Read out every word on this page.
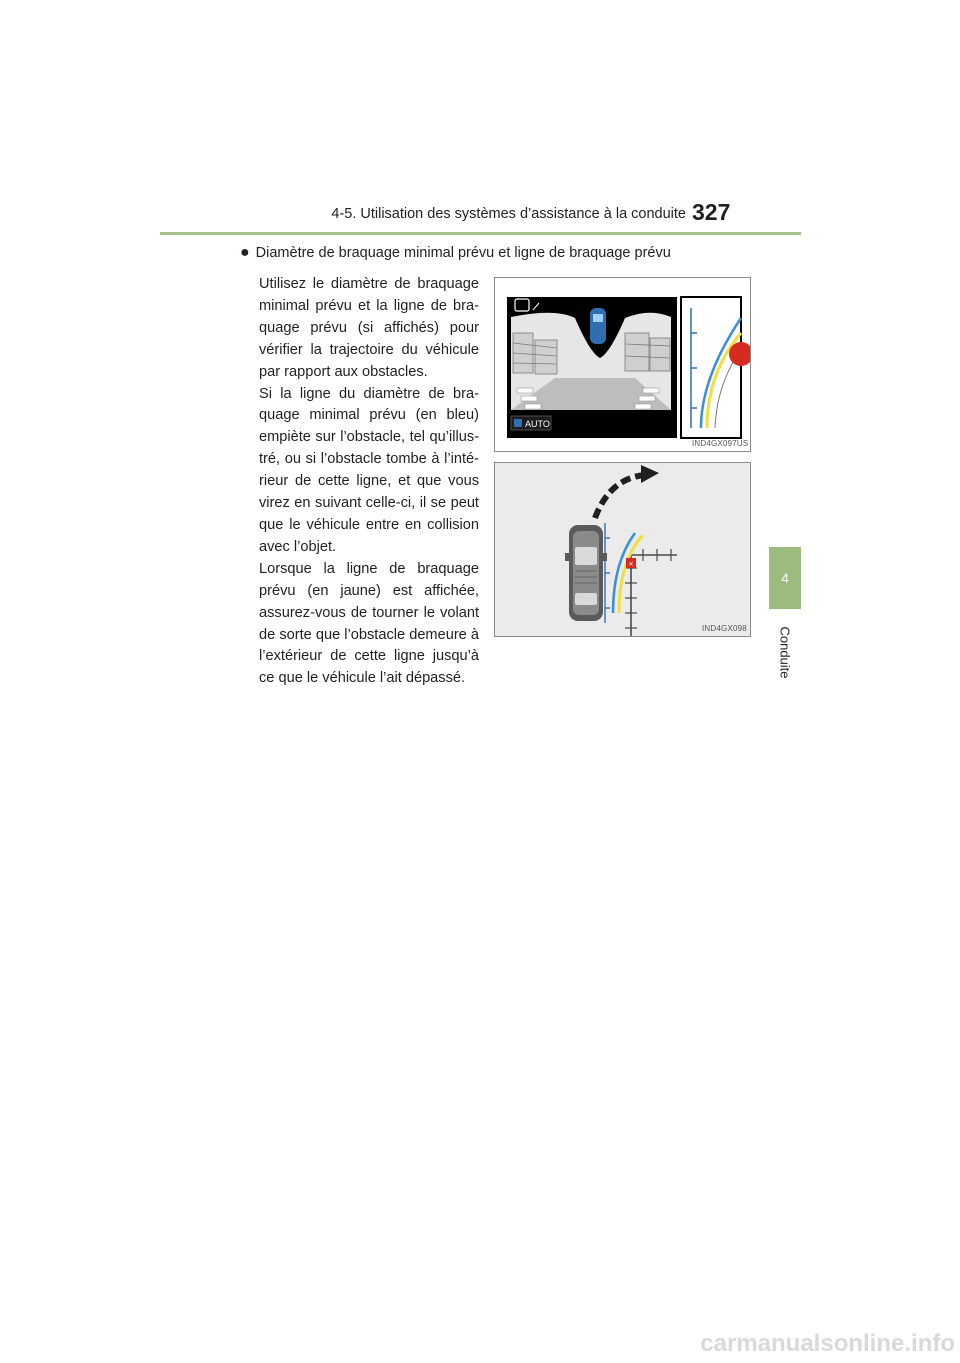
4-5. Utilisation des systèmes d’assistance à la conduite 327
4
Conduite
● Diamètre de braquage minimal prévu et ligne de braquage prévu

Utilisez le diamètre de braquage minimal prévu et la ligne de bra-quage prévu (si affichés) pour vérifier la trajectoire du véhicule par rapport aux obstacles.

Si la ligne du diamètre de bra-quage minimal prévu (en bleu) empiète sur l’obstacle, tel qu’illus-tré, ou si l’obstacle tombe à l’inté-rieur de cette ligne, et que vous virez en suivant celle-ci, il se peut que le véhicule entre en collision avec l’objet.

Lorsque la ligne de braquage prévu (en jaune) est affichée, assurez-vous de tourner le volant de sorte que l’obstacle demeure à l’extérieur de cette ligne jusqu’à ce que le véhicule l’ait dépassé.

AUTO
IND4GX097US
×
IND4GX098
carmanualsonline.info
